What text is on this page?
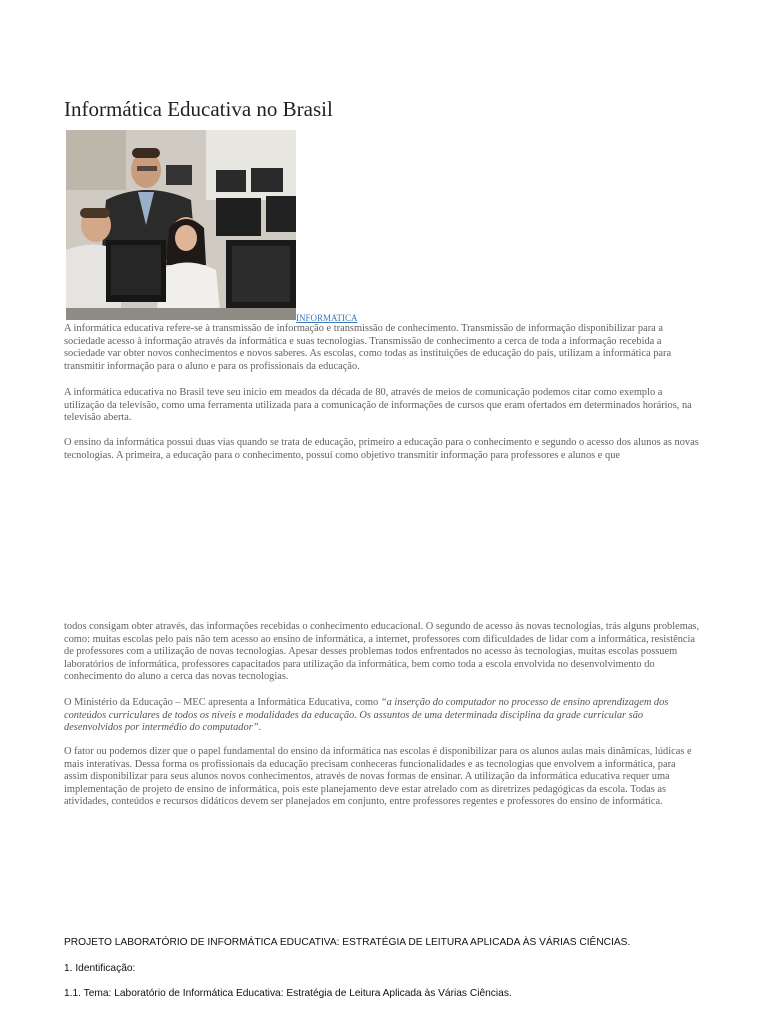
Informática Educativa no Brasil
INFORMATICA

A informática educativa refere-se à transmissão de informação e transmissão de conhecimento. Transmissão de informação disponibilizar para a sociedade acesso à informação através da informática e suas tecnologias. Transmissão de conhecimento a cerca de toda a informação recebida a sociedade var obter novos conhecimentos e novos saberes. As escolas, como todas as instituições de educação do país, utilizam a informática para transmitir informação para o aluno e para os profissionais da educação.

A informática educativa no Brasil teve seu inicio em meados da década de 80, através de meios de comunicação podemos citar como exemplo a utilização da televisão, como uma ferramenta utilizada para a comunicação de informações de cursos que eram ofertados em determinados horários, na televisão aberta.

O ensino da informática possui duas vias quando se trata de educação, primeiro a educação para o conhecimento e segundo o acesso dos alunos as novas tecnologias. A primeira, a educação para o conhecimento, possuí como objetivo transmitir informação para professores e alunos e que

todos consigam obter através, das informações recebidas o conhecimento educacional. O segundo de acesso às novas tecnologias, trás alguns problemas, como: muitas escolas pelo país não tem acesso ao ensino de informática, a internet, professores com dificuldades de lidar com a informática, resistência de professores com a utilização de novas tecnologias. Apesar desses problemas todos enfrentados no acesso às tecnologias, muitas escolas possuem laboratórios de informática, professores capacitados para utilização da informática, bem como toda a escola envolvida no desenvolvimento do conhecimento do aluno a cerca das novas tecnologias.

O Ministério da Educação – MEC apresenta a Informática Educativa, como “a inserção do computador no processo de ensino aprendizagem dos conteúdos curriculares de todos os níveis e modalidades da educação. Os assuntos de uma determinada disciplina da grade curricular são desenvolvidos por intermédio do computador”.

O fator ou podemos dizer que o papel fundamental do ensino da informática nas escolas é disponibilizar para os alunos aulas mais dinâmicas, lúdicas e mais interativas. Dessa forma os profissionais da educação precisam conheceras funcionalidades e as tecnologias que envolvem a informática, para assim disponibilizar para seus alunos novos conhecimentos, através de novas formas de ensinar. A utilização da informática educativa requer uma implementação de projeto de ensino de informática, pois este planejamento deve estar atrelado com as diretrizes pedagógicas da escola. Todas as atividades, conteúdos e recursos didáticos devem ser planejados em conjunto, entre professores regentes e professores do ensino de informática.

PROJETO LABORATÓRIO DE INFORMÁTICA EDUCATIVA: ESTRATÉGIA DE LEITURA APLICADA ÀS VÁRIAS CIÊNCIAS.

1. Identificação:

1.1. Tema: Laboratório de Informática Educativa: Estratégia de Leitura Aplicada às Várias Ciências.
